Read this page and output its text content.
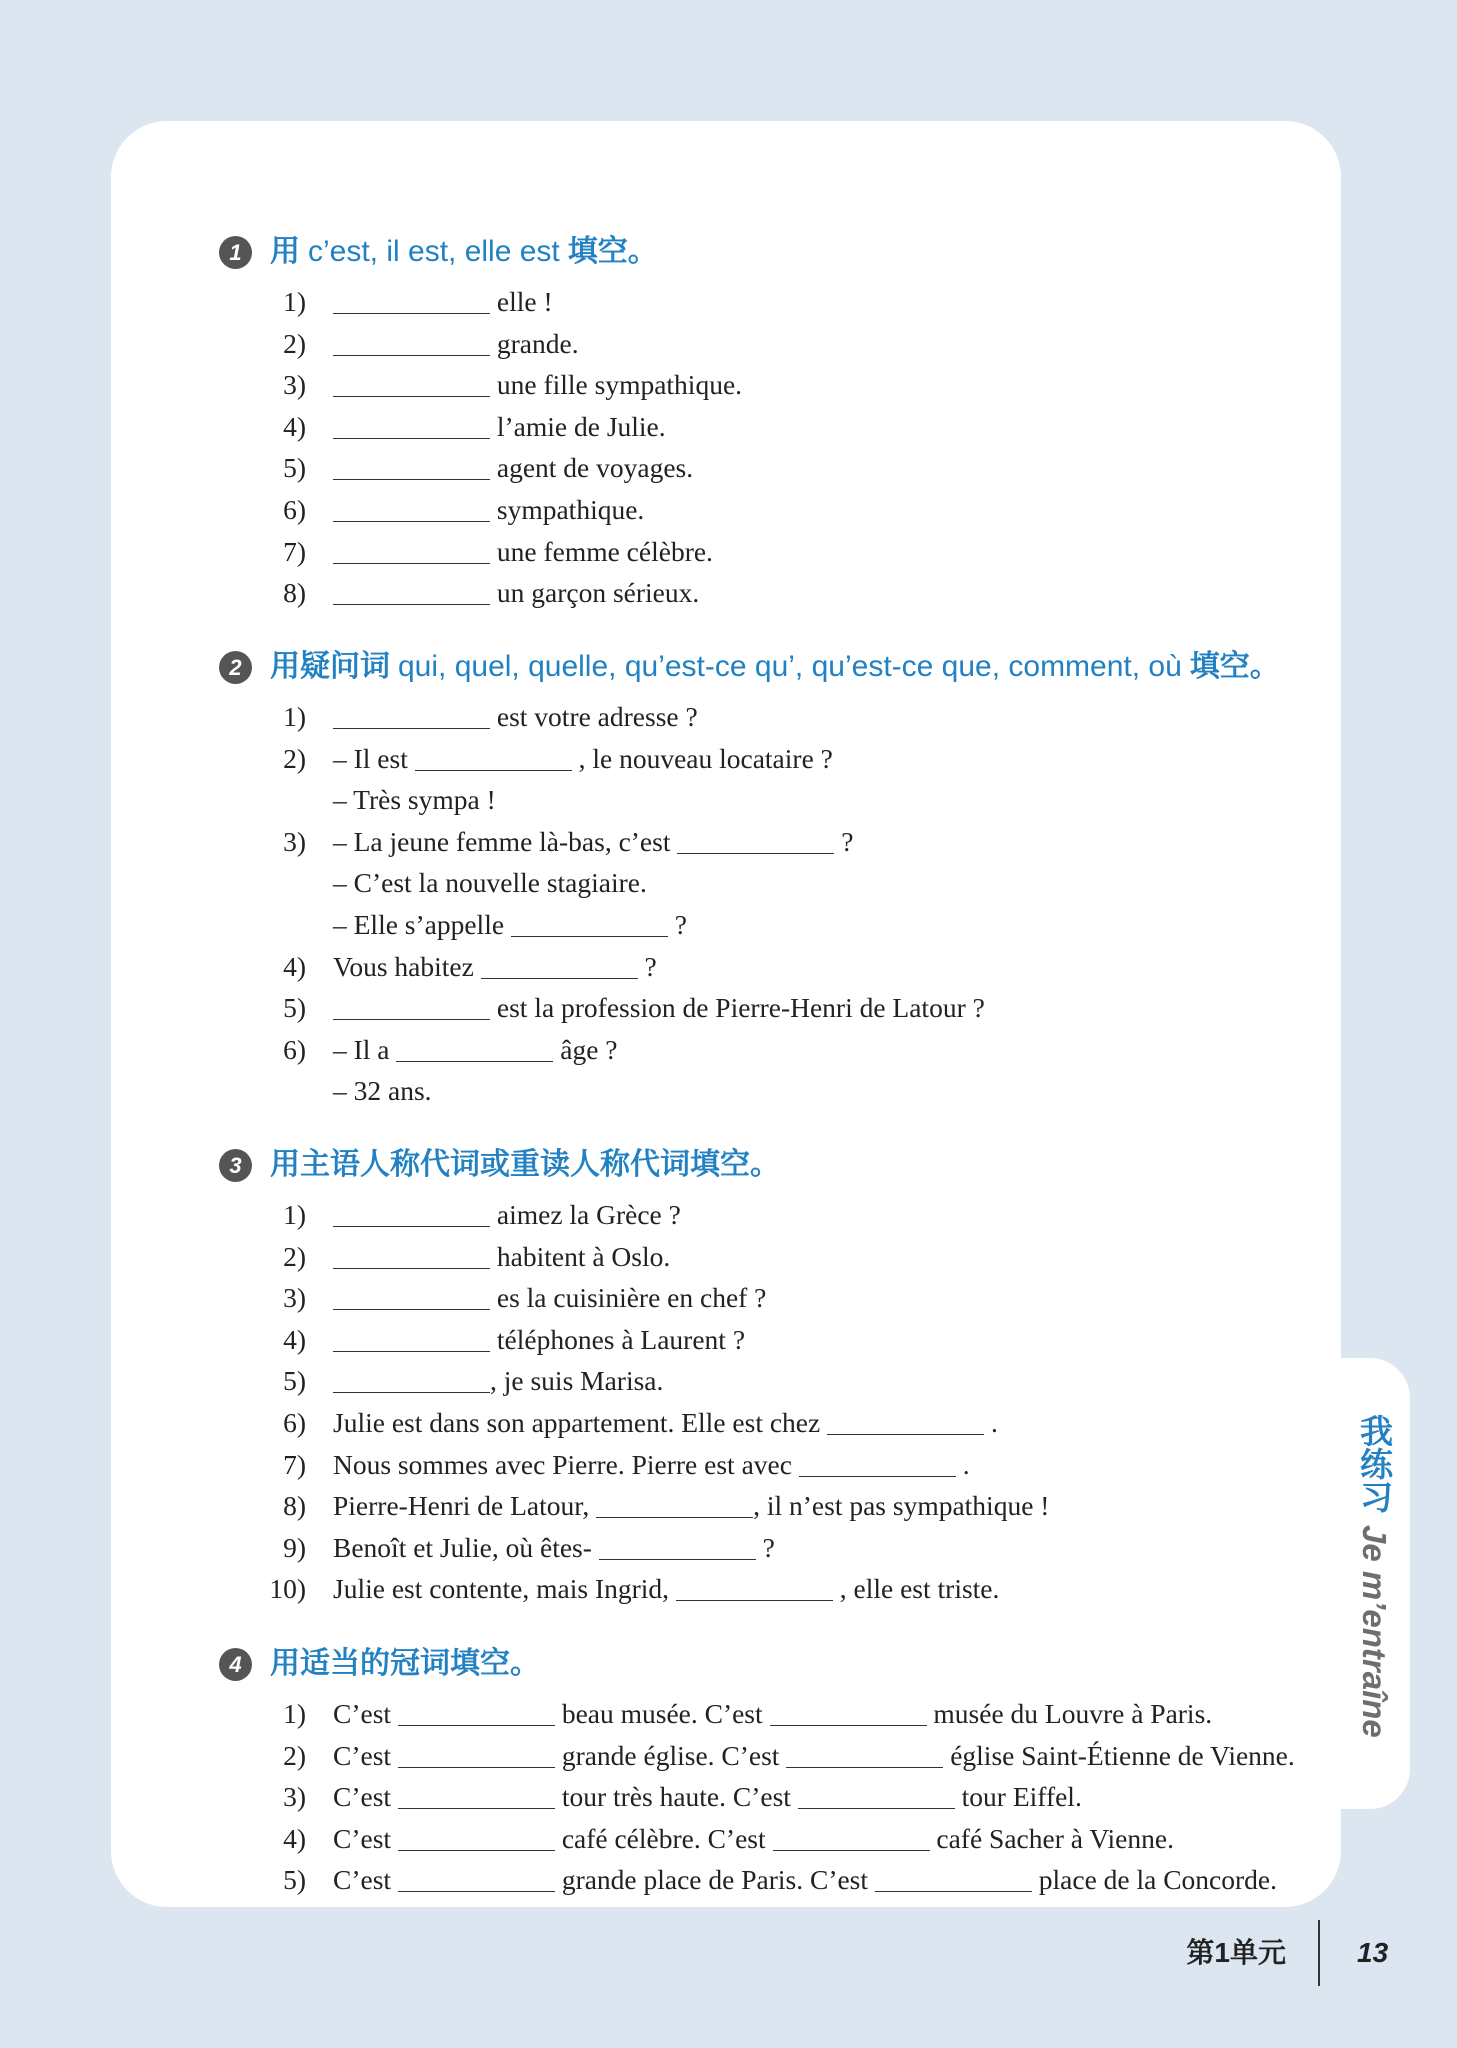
我练习Je m’entraîne
1 用 c’est, il est, elle est 填空。
1)	elle !
2)	grande.
3)	une fille sympathique.
4)	l’amie de Julie.
5)	agent de voyages.
6)	sympathique.
7)	une femme célèbre.
8)	un garçon sérieux.
2 用疑问词 qui, quel, quelle, qu’est-ce qu’, qu’est-ce que, comment, où 填空。
1)	est votre adresse ?
2) – Il est	, le nouveau locataire ?
– Très sympa !
3) – La jeune femme là-bas, c’est	?
– C’est la nouvelle stagiaire.
– Elle s’appelle	?
4) Vous habitez	?
5)	est la profession de Pierre-Henri de Latour ?
6) – Il a	âge ?
– 32 ans.
3 用主语人称代词或重读人称代词填空。
1)	aimez la Grèce ?
2)	habitent à Oslo.
3)	es la cuisinière en chef ?
4)	téléphones à Laurent ?
5)	, je suis Marisa.
6) Julie est dans son appartement. Elle est chez	.
7) Nous sommes avec Pierre. Pierre est avec	.
8) Pierre-Henri de Latour,	, il n’est pas sympathique !
9) Benoît et Julie, où êtes-	?
10) Julie est contente, mais Ingrid,	, elle est triste.
4 用适当的冠词填空。
1) C’est	beau musée. C’est	musée du Louvre à Paris.
2) C’est	grande église. C’est	église Saint-Étienne de Vienne.
3) C’est	tour très haute. C’est	tour Eiffel.
4) C’est	café célèbre. C’est	café Sacher à Vienne.
5) C’est	grande place de Paris. C’est	place de la Concorde.
第1单元	13
